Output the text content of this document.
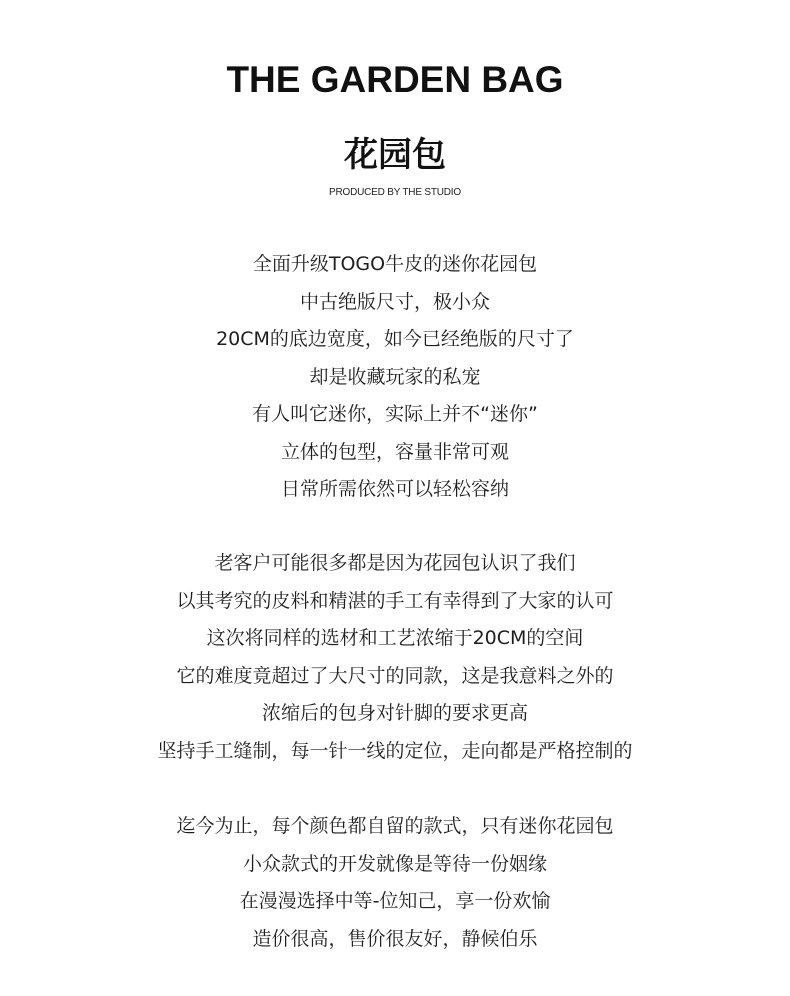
THE GARDEN BAG
花园包
PRODUCED BY THE STUDIO
全面升级TOGO牛皮的迷你花园包
中古绝版尺寸，极小众
20CM的底边宽度，如今已经绝版的尺寸了
却是收藏玩家的私宠
有人叫它迷你，实际上并不“迷你”
立体的包型，容量非常可观
日常所需依然可以轻松容纳
老客户可能很多都是因为花园包认识了我们
以其考究的皮料和精湛的手工有幸得到了大家的认可
这次将同样的选材和工艺浓缩于20CM的空间
它的难度竟超过了大尺寸的同款，这是我意料之外的
浓缩后的包身对针脚的要求更高
坚持手工缝制，每一针一线的定位，走向都是严格控制的
迄今为止，每个颜色都自留的款式，只有迷你花园包
小众款式的开发就像是等待一份姻缘
在漫漫选择中等-位知己，享一份欢愉
造价很高，售价很友好，静候伯乐
